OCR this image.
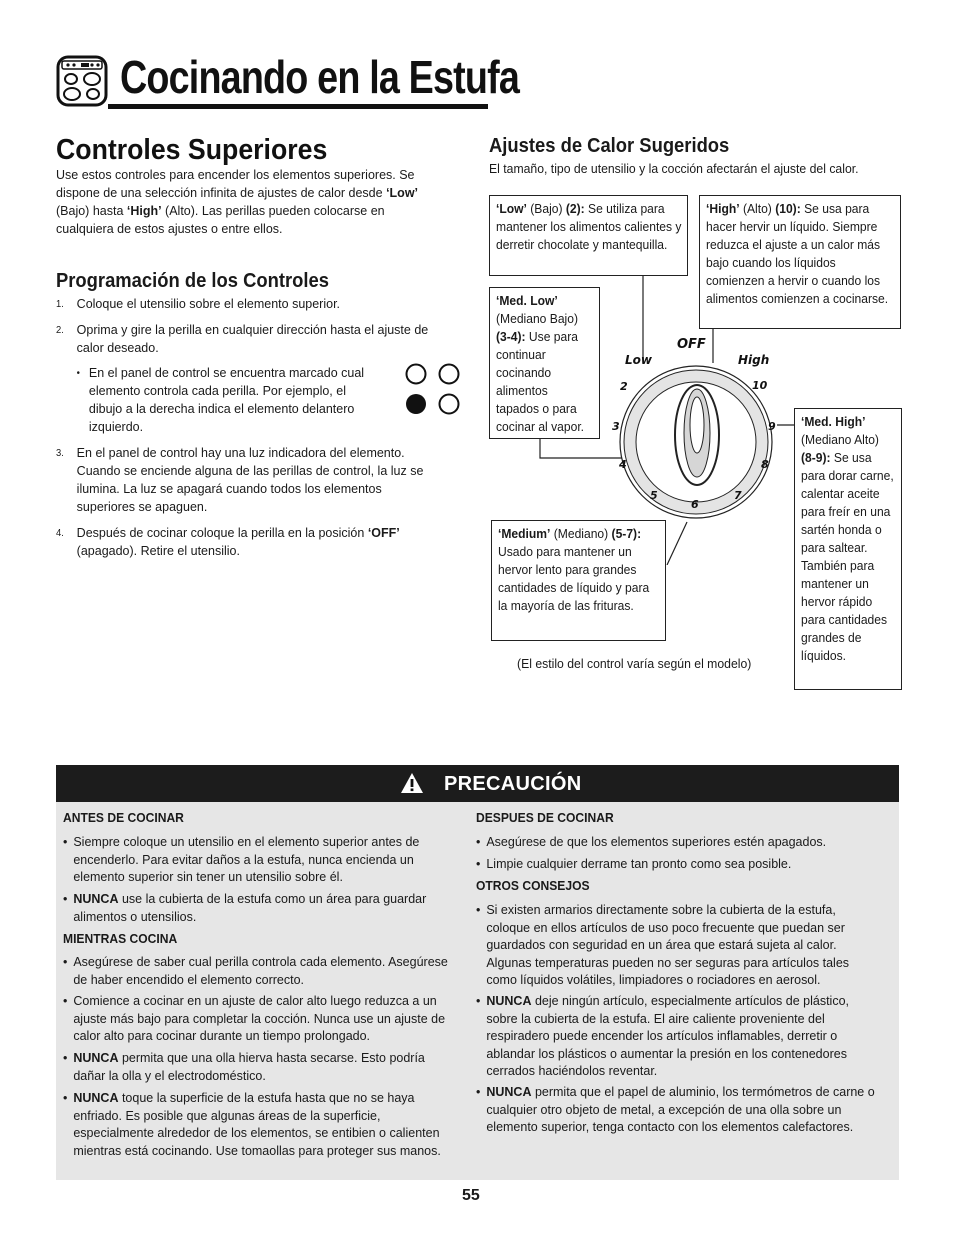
Cocinando en la Estufa
Controles Superiores
Use estos controles para encender los elementos superiores. Se dispone de una selección infinita de ajustes de calor desde ‘Low’ (Bajo) hasta ‘High’ (Alto). Las perillas pueden colocarse en cualquiera de estos ajustes o entre ellos.
Programación de los Controles
1. Coloque el utensilio sobre el elemento superior.
2. Oprima y gire la perilla en cualquier dirección hasta el ajuste de calor deseado.
• En el panel de control se encuentra marcado cual elemento controla cada perilla. Por ejemplo, el dibujo a la derecha indica el elemento delantero izquierdo.
3. En el panel de control hay una luz indicadora del elemento. Cuando se enciende alguna de las perillas de control, la luz se ilumina. La luz se apagará cuando todos los elementos superiores se apaguen.
4. Después de cocinar coloque la perilla en la posición ‘OFF’ (apagado). Retire el utensilio.
Ajustes de Calor Sugeridos
El tamaño, tipo de utensilio y la cocción afectarán el ajuste del calor.
OFF
Low	High
2
3
4
5
6
7
8
9
10
‘Low’ (Bajo) (2): Se utiliza para mantener los alimentos calientes y derretir chocolate y mantequilla.
‘High’ (Alto) (10): Se usa para hacer hervir un líquido. Siempre reduzca el ajuste a un calor más bajo cuando los líquidos comienzen a hervir o cuando los alimentos comienzen a cocinarse.
‘Med. Low’ (Mediano Bajo) (3-4): Use para continuar cocinando alimentos tapados o para cocinar al vapor.	‘Med. High’ (Mediano Alto) (8-9): Se usa para dorar carne, calentar aceite para freír en una sartén honda o para saltear. También para mantener un hervor rápido para cantidades grandes de líquidos.
‘Medium’ (Mediano) (5-7): Usado para mantener un hervor lento para grandes cantidades de líquido y para la mayoría de las frituras.
(El estilo del control varía según el modelo)
PRECAUCIÓN
ANTES DE COCINAR
• Siempre coloque un utensilio en el elemento superior antes de encenderlo. Para evitar daños a la estufa, nunca encienda un elemento superior sin tener un utensilio sobre él.
• NUNCA use la cubierta de la estufa como un área para guardar alimentos o utensilios.
MIENTRAS COCINA
• Asegúrese de saber cual perilla controla cada elemento. Asegúrese de haber encendido el elemento correcto.
• Comience a cocinar en un ajuste de calor alto luego reduzca a un ajuste más bajo para completar la cocción. Nunca use un ajuste de calor alto para cocinar durante un tiempo prolongado.
• NUNCA permita que una olla hierva hasta secarse. Esto podría dañar la olla y el electrodoméstico.
• NUNCA toque la superficie de la estufa hasta que no se haya enfriado. Es posible que algunas áreas de la superficie, especialmente alrededor de los elementos, se entibien o calienten mientras está cocinando. Use tomaollas para proteger sus manos.
DESPUES DE COCINAR
• Asegúrese de que los elementos superiores estén apagados.
• Limpie cualquier derrame tan pronto como sea posible.
OTROS CONSEJOS
• Si existen armarios directamente sobre la cubierta de la estufa, coloque en ellos artículos de uso poco frecuente que puedan ser guardados con seguridad en un área que estará sujeta al calor. Algunas temperaturas pueden no ser seguras para artículos tales como líquidos volátiles, limpiadores o rociadores en aerosol.
• NUNCA deje ningún artículo, especialmente artículos de plástico, sobre la cubierta de la estufa. El aire caliente proveniente del respiradero puede encender los artículos inflamables, derretir o ablandar los plásticos o aumentar la presión en los contenedores cerrados haciéndolos reventar.
• NUNCA permita que el papel de aluminio, los termómetros de carne o cualquier otro objeto de metal, a excepción de una olla sobre un elemento superior, tenga contacto con los elementos calefactores.
55
